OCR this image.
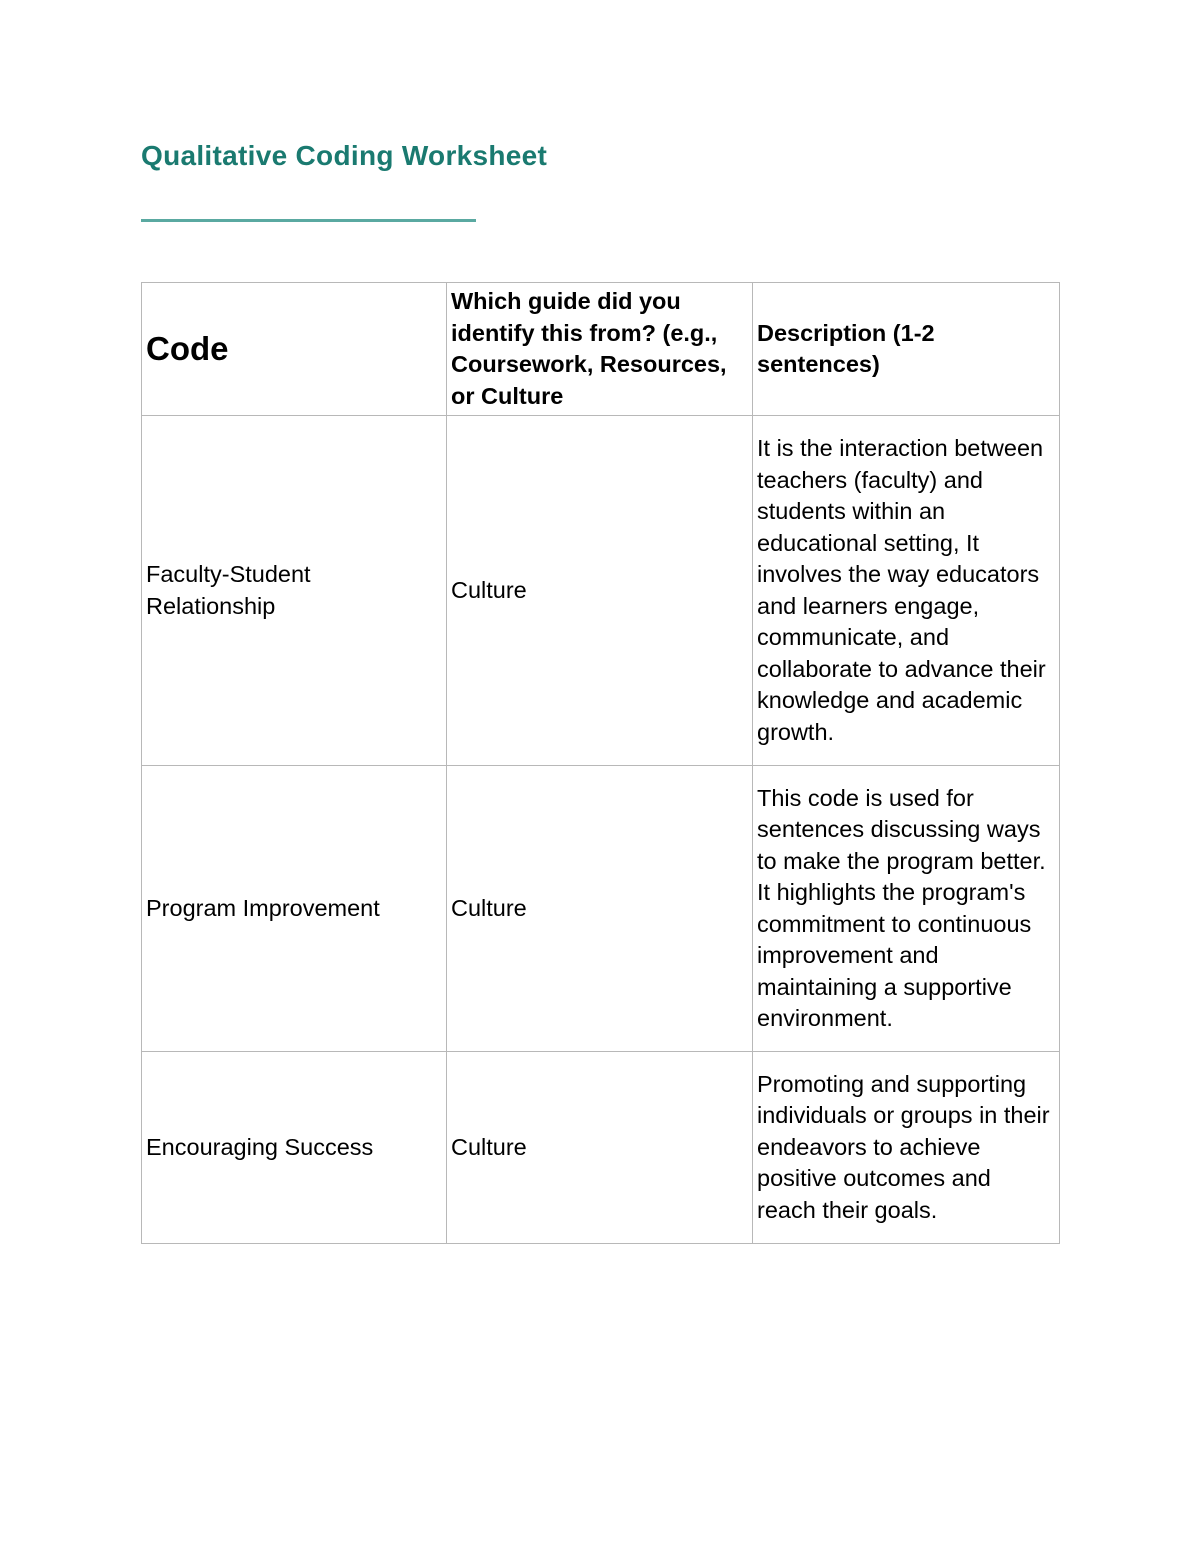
Qualitative Coding Worksheet
Code	Which guide did you identify this from? (e.g., Coursework, Resources, or Culture	Description (1-2 sentences)
Faculty-Student Relationship	Culture	It is the interaction between teachers (faculty) and students within an educational setting, It involves the way educators and learners engage, communicate, and collaborate to advance their knowledge and academic growth.
Program Improvement	Culture	This code is used for sentences discussing ways to make the program better. It highlights the program's commitment to continuous improvement and maintaining a supportive environment.
Encouraging Success	Culture	Promoting and supporting individuals or groups in their endeavors to achieve positive outcomes and reach their goals.
